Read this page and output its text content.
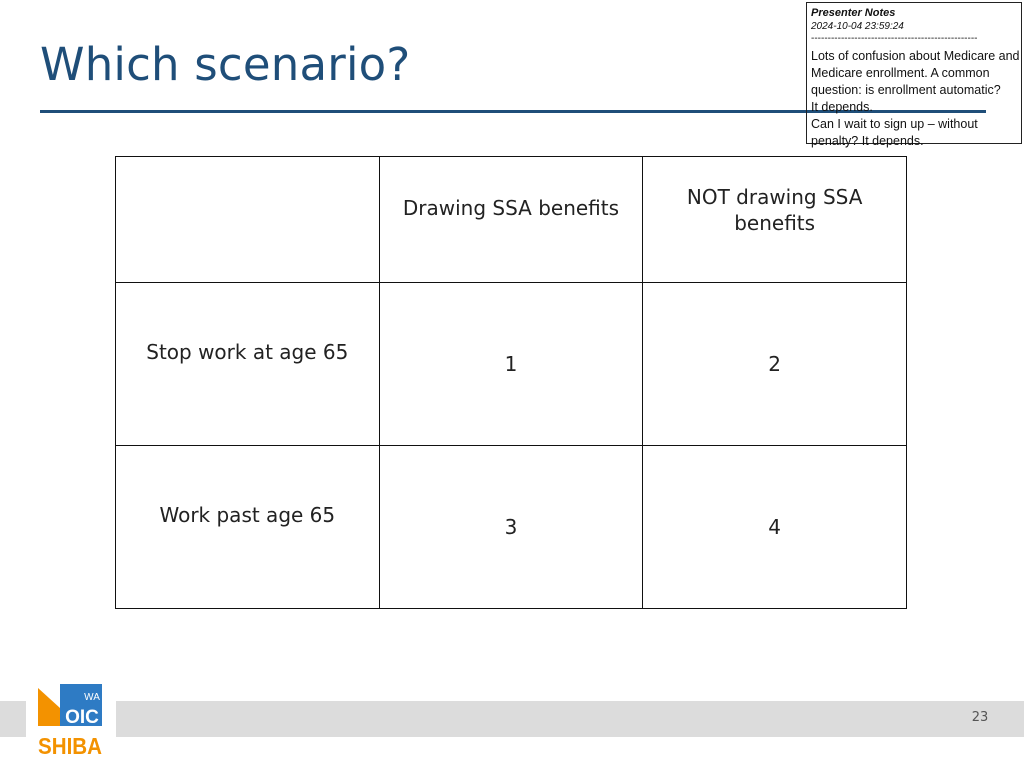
Which scenario?

	Drawing SSA benefits	NOT drawing SSA benefits

Stop work at age 65	1	2

Work past age 65	3	4
Presenter Notes
2024-10-04 23:59:24
--------------------------------------------------
Lots of confusion about Medicare and Medicare enrollment. A common question: is enrollment automatic?
It depends.
Can I wait to sign up – without penalty? It depends.
WA
OIC
SHIBA
23
